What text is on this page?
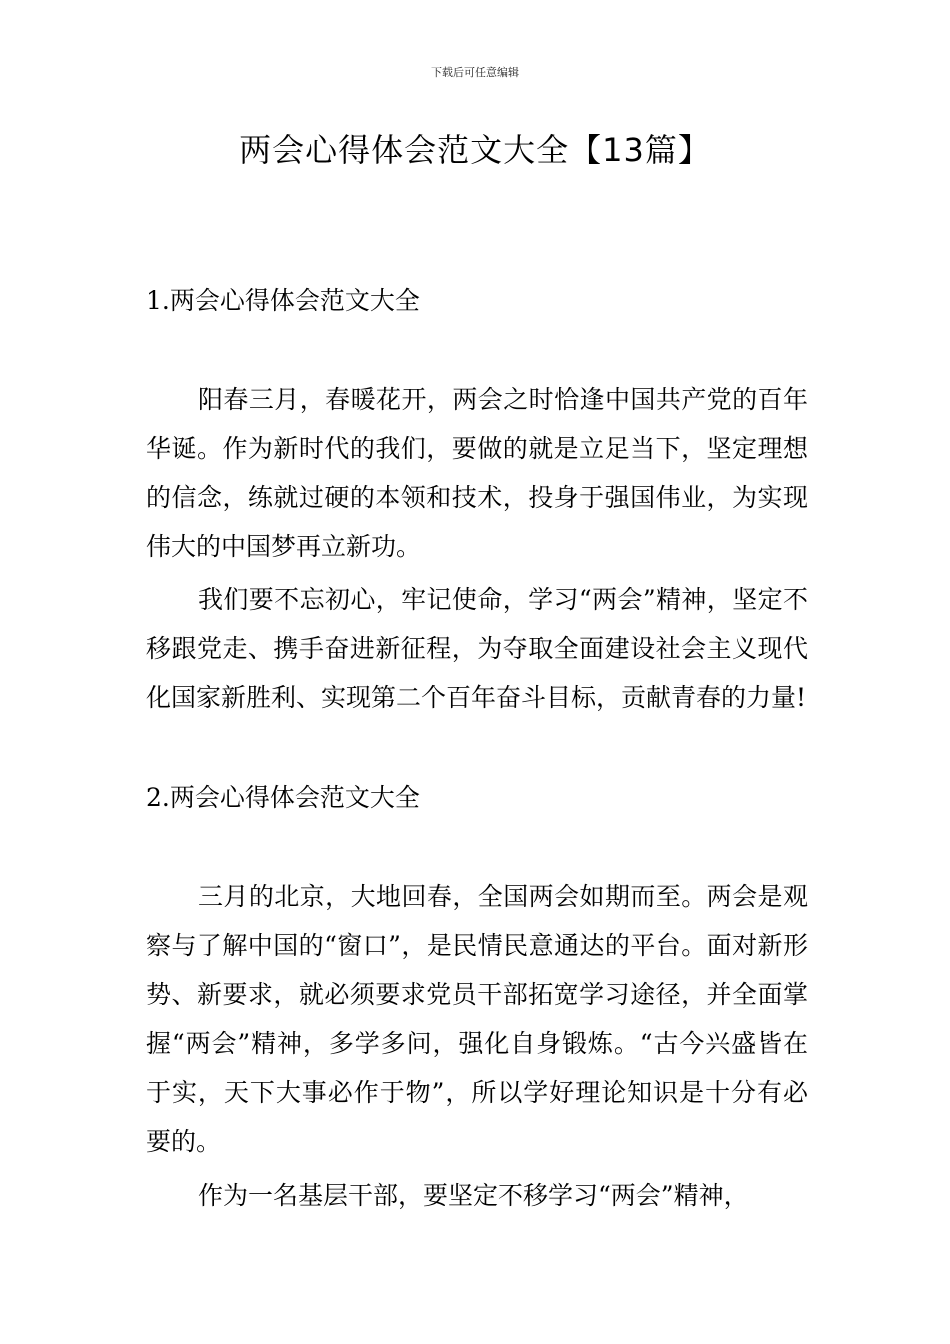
下载后可任意编辑
两会心得体会范文大全【13篇】

1.两会心得体会范文大全

阳春三月，春暖花开，两会之时恰逢中国共产党的百年华诞。作为新时代的我们，要做的就是立足当下，坚定理想的信念，练就过硬的本领和技术，投身于强国伟业，为实现伟大的中国梦再立新功。

我们要不忘初心，牢记使命，学习“两会”精神，坚定不移跟党走、携手奋进新征程，为夺取全面建设社会主义现代化国家新胜利、实现第二个百年奋斗目标，贡献青春的力量!

2.两会心得体会范文大全

三月的北京，大地回春，全国两会如期而至。两会是观察与了解中国的“窗口”，是民情民意通达的平台。面对新形势、新要求，就必须要求党员干部拓宽学习途径，并全面掌握“两会”精神，多学多问，强化自身锻炼。“古今兴盛皆在于实，天下大事必作于物”，所以学好理论知识是十分有必要的。

作为一名基层干部，要坚定不移学习“两会”精神，
